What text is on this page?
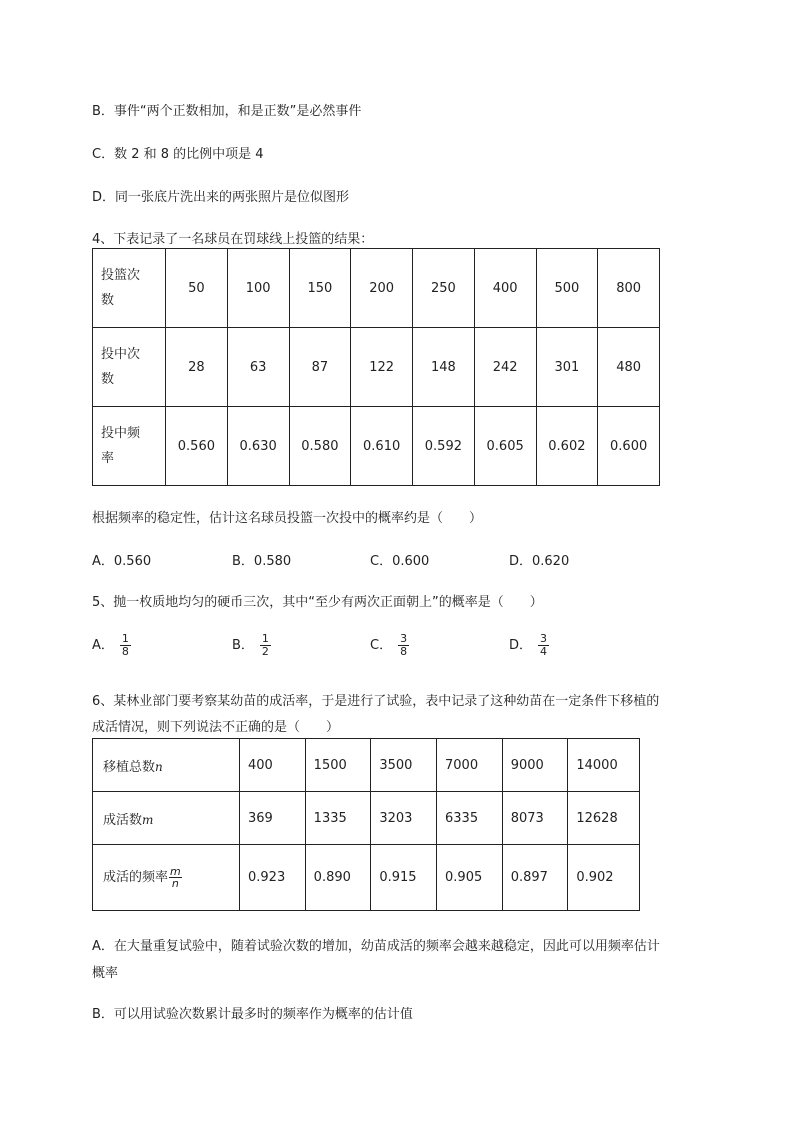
B．事件“两个正数相加，和是正数”是必然事件
C．数 2 和 8 的比例中项是 4
D．同一张底片洗出来的两张照片是位似图形
4、下表记录了一名球员在罚球线上投篮的结果：
投篮次
数	50	100	150	200	250	400	500	800
投中次
数	28	63	87	122	148	242	301	480
投中频
率	0.560	0.630	0.580	0.610	0.592	0.605	0.602	0.600
根据频率的稳定性，估计这名球员投篮一次投中的概率约是（　　）
A．0.560	B．0.580	C．0.600	D．0.620
5、抛一枚质地均匀的硬币三次，其中“至少有两次正面朝上”的概率是（　　）
A． $\frac{1}{8}$	B． $\frac{1}{2}$	C． $\frac{3}{8}$	D． $\frac{3}{4}$
6、某林业部门要考察某幼苗的成活率，于是进行了试验，表中记录了这种幼苗在一定条件下移植的
成活情况，则下列说法不正确的是（　　）
移植总数n	400	1500	3500	7000	9000	14000
成活数m	369	1335	3203	6335	8073	12628
成活的频率 $\frac{m}{n}$	0.923	0.890	0.915	0.905	0.897	0.902
A．在大量重复试验中，随着试验次数的增加，幼苗成活的频率会越来越稳定，因此可以用频率估计
概率
B．可以用试验次数累计最多时的频率作为概率的估计值
